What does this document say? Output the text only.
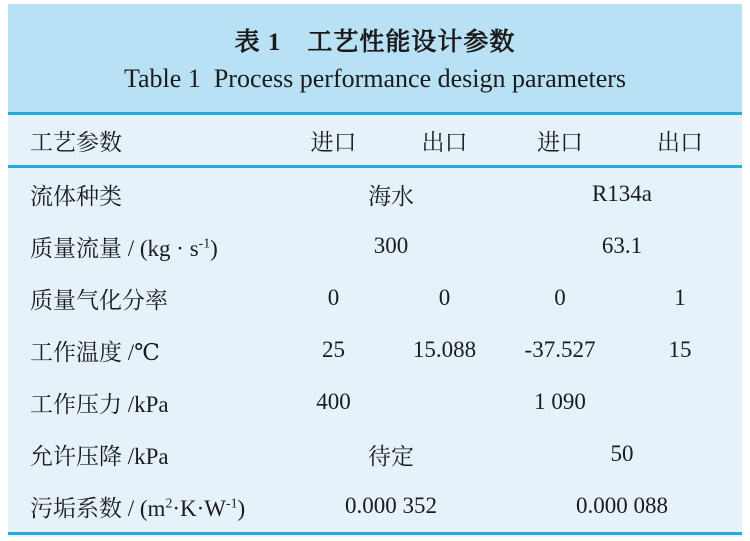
表 1　工艺性能设计参数
Table 1  Process performance design parameters
工艺参数	进口	出口	进口	出口
流体种类	海水	R134a
质量流量 / $(kg \cdot s^{-1})$	300	63.1
质量气化分率	0	0	0	1
工作温度 /℃	25	15.088	-37.527	15
工作压力 /kPa	400	1 090
允许压降 /kPa	待定	50
污垢系数 / $(m^2\cdot K\cdot W^{-1})$	0.000 352	0.000 088
